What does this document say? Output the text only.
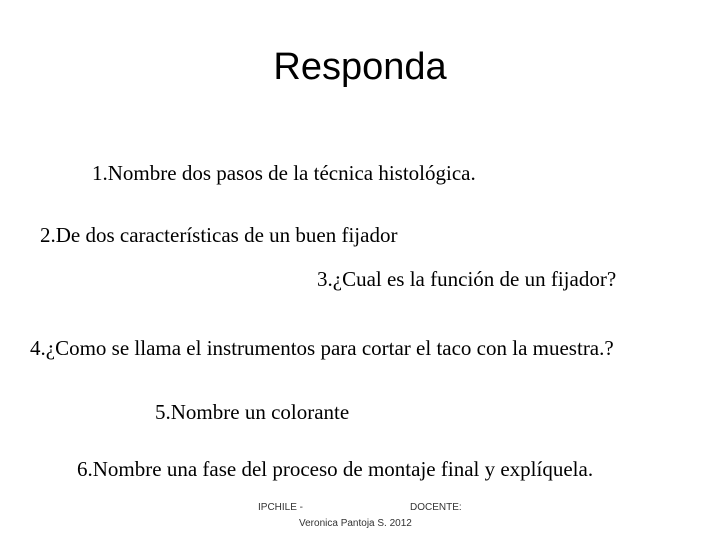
Responda
1.Nombre dos pasos de la técnica histológica.
2.De dos características de un buen fijador
3.¿Cual es la función de un fijador?
4.¿Como se llama el instrumentos para cortar el taco con la muestra.?
5.Nombre un colorante
6.Nombre una fase del proceso de montaje final y explíquela.
IPCHILE -	DOCENTE:
Veronica Pantoja S. 2012
